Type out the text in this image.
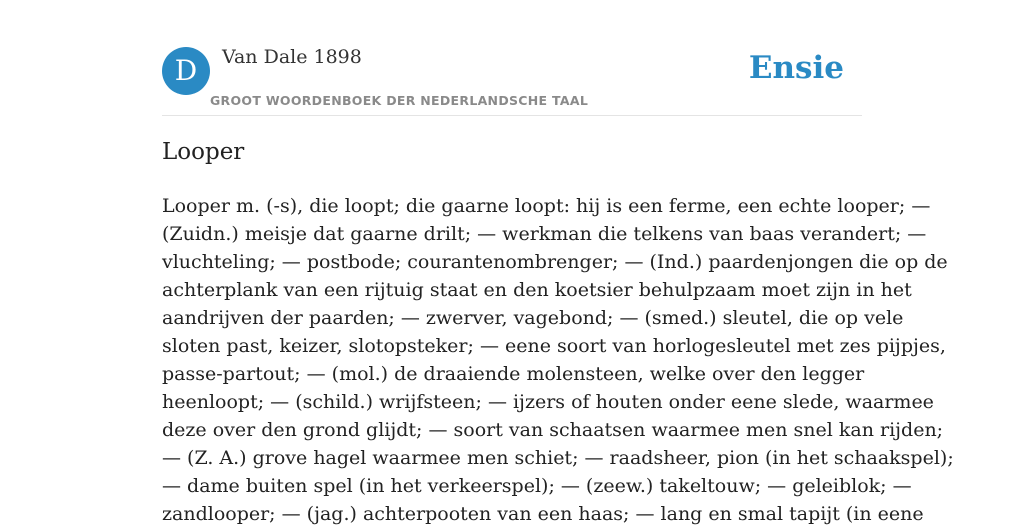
D	Van Dale 1898
GROOT WOORDENBOEK DER NEDERLANDSCHE TAAL
Ensie
Looper

Looper m. (-s), die loopt; die gaarne loopt: hij is een ferme, een echte looper; —
(Zuidn.) meisje dat gaarne drilt; — werkman die telkens van baas verandert; —
vluchteling; — postbode; courantenombrenger; — (Ind.) paardenjongen die op de
achterplank van een rijtuig staat en den koetsier behulpzaam moet zijn in het
aandrijven der paarden; — zwerver, vagebond; — (smed.) sleutel, die op vele
sloten past, keizer, slotopsteker; — eene soort van horlogesleutel met zes pijpjes,
passe-partout; — (mol.) de draaiende molensteen, welke over den legger
heenloopt; — (schild.) wrijfsteen; — ijzers of houten onder eene slede, waarmee
deze over den grond glijdt; — soort van schaatsen waarmee men snel kan rijden;
— (Z. A.) grove hagel waarmee men schiet; — raadsheer, pion (in het schaakspel);
— dame buiten spel (in het verkeerspel); — (zeew.) takeltouw; — geleiblok; —
zandlooper; — (jag.) achterpooten van een haas; — lang en smal tapijt (in eene
